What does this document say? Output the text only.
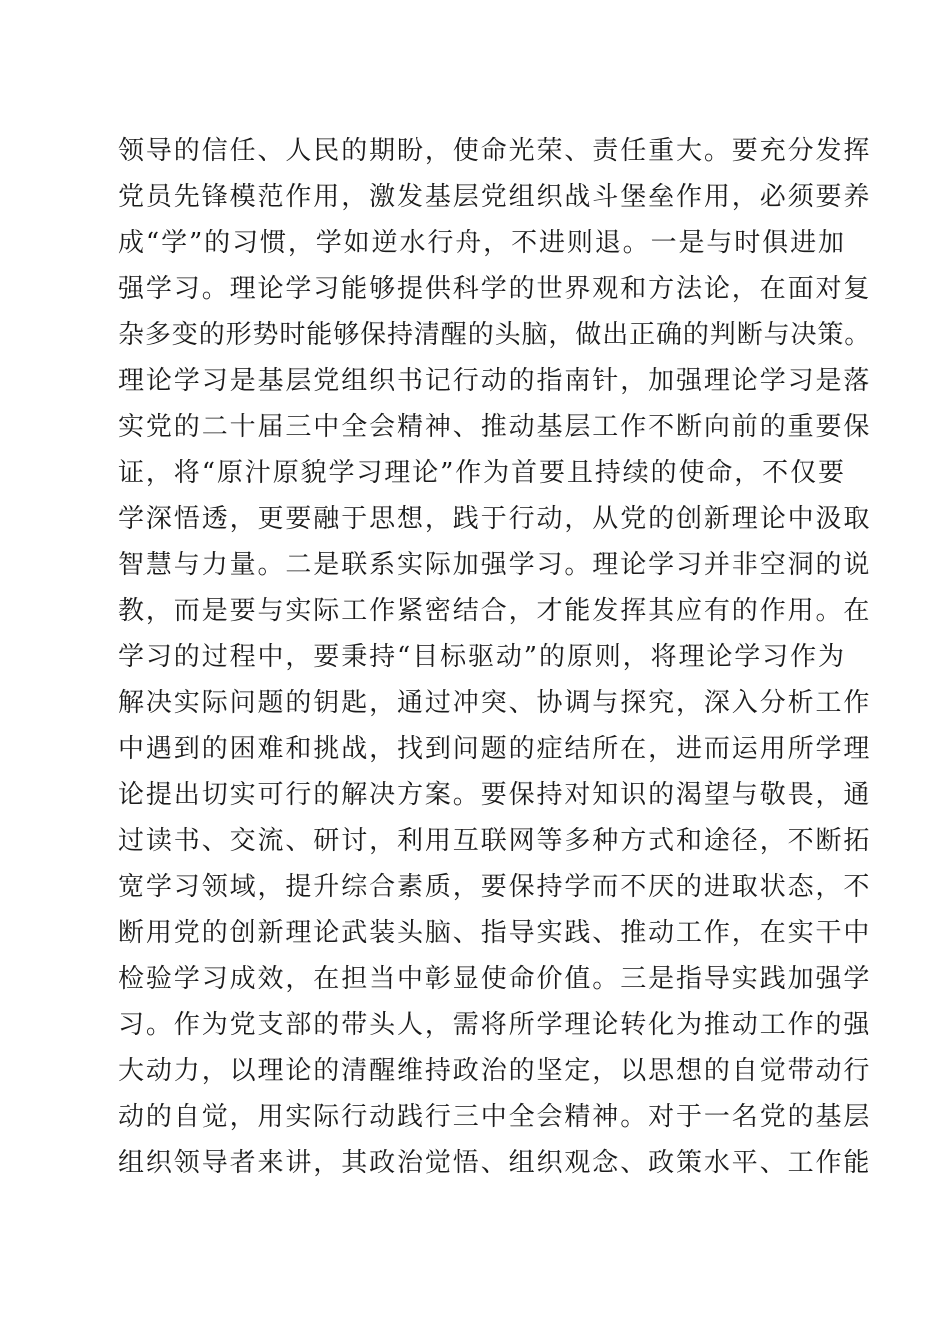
领导的信任、人民的期盼，使命光荣、责任重大。要充分发挥
党员先锋模范作用，激发基层党组织战斗堡垒作用，必须要养
成“学”的习惯，学如逆水行舟，不进则退。一是与时俱进加
强学习。理论学习能够提供科学的世界观和方法论，在面对复
杂多变的形势时能够保持清醒的头脑，做出正确的判断与决策。
理论学习是基层党组织书记行动的指南针，加强理论学习是落
实党的二十届三中全会精神、推动基层工作不断向前的重要保
证，将“原汁原貌学习理论”作为首要且持续的使命，不仅要
学深悟透，更要融于思想，践于行动，从党的创新理论中汲取
智慧与力量。二是联系实际加强学习。理论学习并非空洞的说
教，而是要与实际工作紧密结合，才能发挥其应有的作用。在
学习的过程中，要秉持“目标驱动”的原则，将理论学习作为
解决实际问题的钥匙，通过冲突、协调与探究，深入分析工作
中遇到的困难和挑战，找到问题的症结所在，进而运用所学理
论提出切实可行的解决方案。要保持对知识的渴望与敬畏，通
过读书、交流、研讨，利用互联网等多种方式和途径，不断拓
宽学习领域，提升综合素质，要保持学而不厌的进取状态，不
断用党的创新理论武装头脑、指导实践、推动工作，在实干中
检验学习成效，在担当中彰显使命价值。三是指导实践加强学
习。作为党支部的带头人，需将所学理论转化为推动工作的强
大动力，以理论的清醒维持政治的坚定，以思想的自觉带动行
动的自觉，用实际行动践行三中全会精神。对于一名党的基层
组织领导者来讲，其政治觉悟、组织观念、政策水平、工作能
